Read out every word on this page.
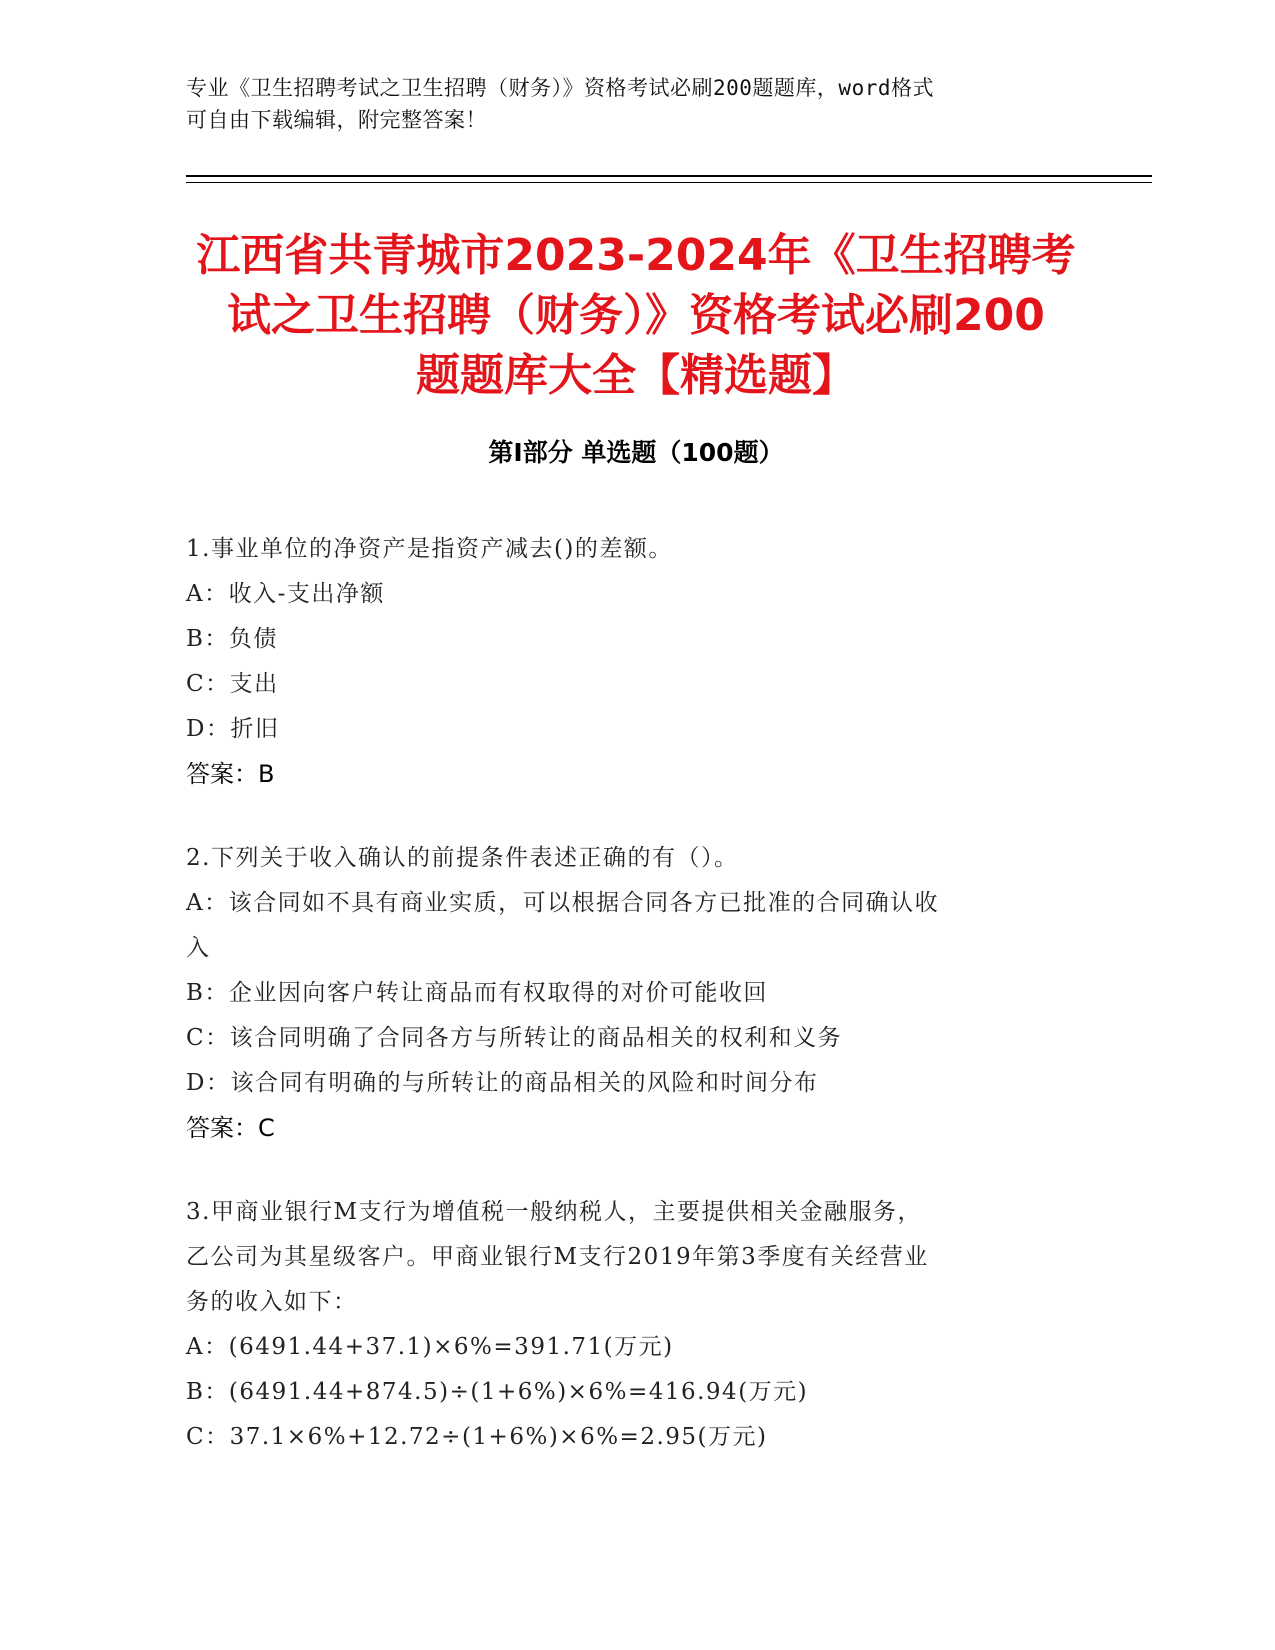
专业《卫生招聘考试之卫生招聘（财务）》资格考试必刷200题题库，word格式
可自由下载编辑，附完整答案！
江西省共青城市2023-2024年《卫生招聘考
试之卫生招聘（财务）》资格考试必刷200
题题库大全【精选题】
第Ⅰ部分 单选题（100题）
1.事业单位的净资产是指资产减去()的差额。
A：收入-支出净额
B：负债
C：支出
D：折旧
答案：B
2.下列关于收入确认的前提条件表述正确的有（）。
A：该合同如不具有商业实质，可以根据合同各方已批准的合同确认收
入
B：企业因向客户转让商品而有权取得的对价可能收回
C：该合同明确了合同各方与所转让的商品相关的权利和义务
D：该合同有明确的与所转让的商品相关的风险和时间分布
答案：C
3.甲商业银行M支行为增值税一般纳税人，主要提供相关金融服务，
乙公司为其星级客户。甲商业银行M支行2019年第3季度有关经营业
务的收入如下：
A：(6491.44+37.1)×6%=391.71(万元)
B：(6491.44+874.5)÷(1+6%)×6%=416.94(万元)
C：37.1×6%+12.72÷(1+6%)×6%=2.95(万元)
